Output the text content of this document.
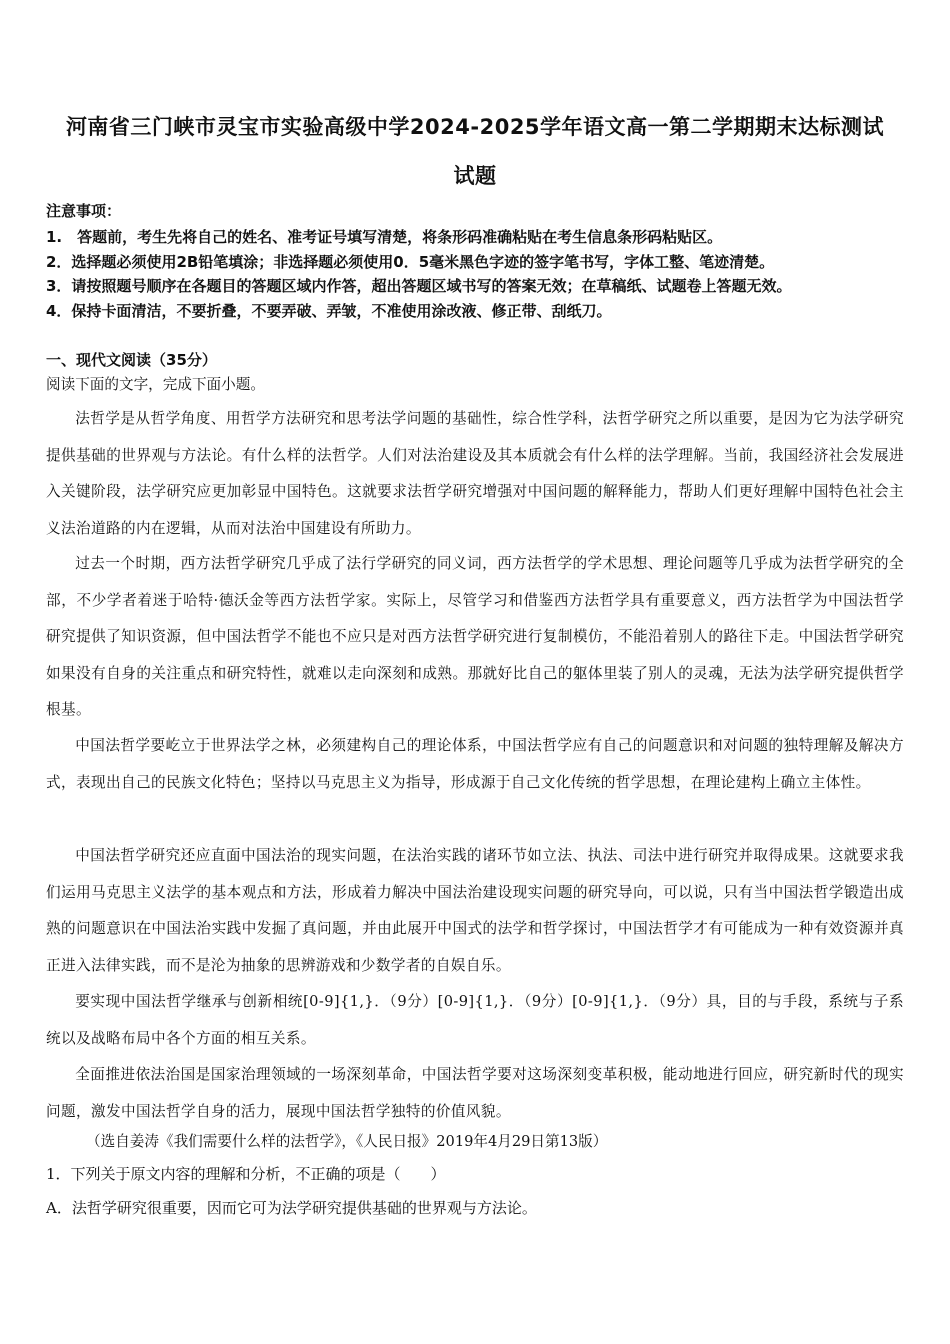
河南省三门峡市灵宝市实验高级中学2024-2025学年语文高一第二学期期末达标测试
试题
注意事项：
1.　答题前，考生先将自己的姓名、准考证号填写清楚，将条形码准确粘贴在考生信息条形码粘贴区。
2．选择题必须使用2B铅笔填涂；非选择题必须使用0．5毫米黑色字迹的签字笔书写，字体工整、笔迹清楚。
3．请按照题号顺序在各题目的答题区域内作答，超出答题区域书写的答案无效；在草稿纸、试题卷上答题无效。
4．保持卡面清洁，不要折叠，不要弄破、弄皱，不准使用涂改液、修正带、刮纸刀。
一、现代文阅读（35分）
阅读下面的文字，完成下面小题。
法哲学是从哲学角度、用哲学方法研究和思考法学问题的基础性，综合性学科，法哲学研究之所以重要，是因为它为法学研究提供基础的世界观与方法论。有什么样的法哲学。人们对法治建设及其本质就会有什么样的法学理解。当前，我国经济社会发展进入关键阶段，法学研究应更加彰显中国特色。这就要求法哲学研究增强对中国问题的解释能力，帮助人们更好理解中国特色社会主义法治道路的内在逻辑，从而对法治中国建设有所助力。
过去一个时期，西方法哲学研究几乎成了法行学研究的同义词，西方法哲学的学术思想、理论问题等几乎成为法哲学研究的全部，不少学者着迷于哈特·德沃金等西方法哲学家。实际上，尽管学习和借鉴西方法哲学具有重要意义，西方法哲学为中国法哲学研究提供了知识资源，但中国法哲学不能也不应只是对西方法哲学研究进行复制模仿，不能沿着别人的路往下走。中国法哲学研究如果没有自身的关注重点和研究特性，就难以走向深刻和成熟。那就好比自己的躯体里装了别人的灵魂，无法为法学研究提供哲学根基。
中国法哲学要屹立于世界法学之林，必须建构自己的理论体系，中国法哲学应有自己的问题意识和对问题的独特理解及解决方式，表现出自己的民族文化特色；坚持以马克思主义为指导，形成源于自己文化传统的哲学思想，在理论建构上确立主体性。
中国法哲学研究还应直面中国法治的现实问题，在法治实践的诸环节如立法、执法、司法中进行研究并取得成果。这就要求我们运用马克思主义法学的基本观点和方法，形成着力解决中国法治建设现实问题的研究导向，可以说，只有当中国法哲学锻造出成熟的问题意识在中国法治实践中发掘了真问题，并由此展开中国式的法学和哲学探讨，中国法哲学才有可能成为一种有效资源并真正进入法律实践，而不是沦为抽象的思辨游戏和少数学者的自娱自乐。
要实现中国法哲学继承与创新相统[0-9]{1,}．（9分）[0-9]{1,}．（9分）[0-9]{1,}．（9分）具，目的与手段，系统与子系统以及战略布局中各个方面的相互关系。
全面推进依法治国是国家治理领域的一场深刻革命，中国法哲学要对这场深刻变革积极，能动地进行回应，研究新时代的现实问题，激发中国法哲学自身的活力，展现中国法哲学独特的价值风貌。
（选自姜涛《我们需要什么样的法哲学》，《人民日报》2019年4月29日第13版）
1．下列关于原文内容的理解和分析，不正确的项是（　　）
A．法哲学研究很重要，因而它可为法学研究提供基础的世界观与方法论。
